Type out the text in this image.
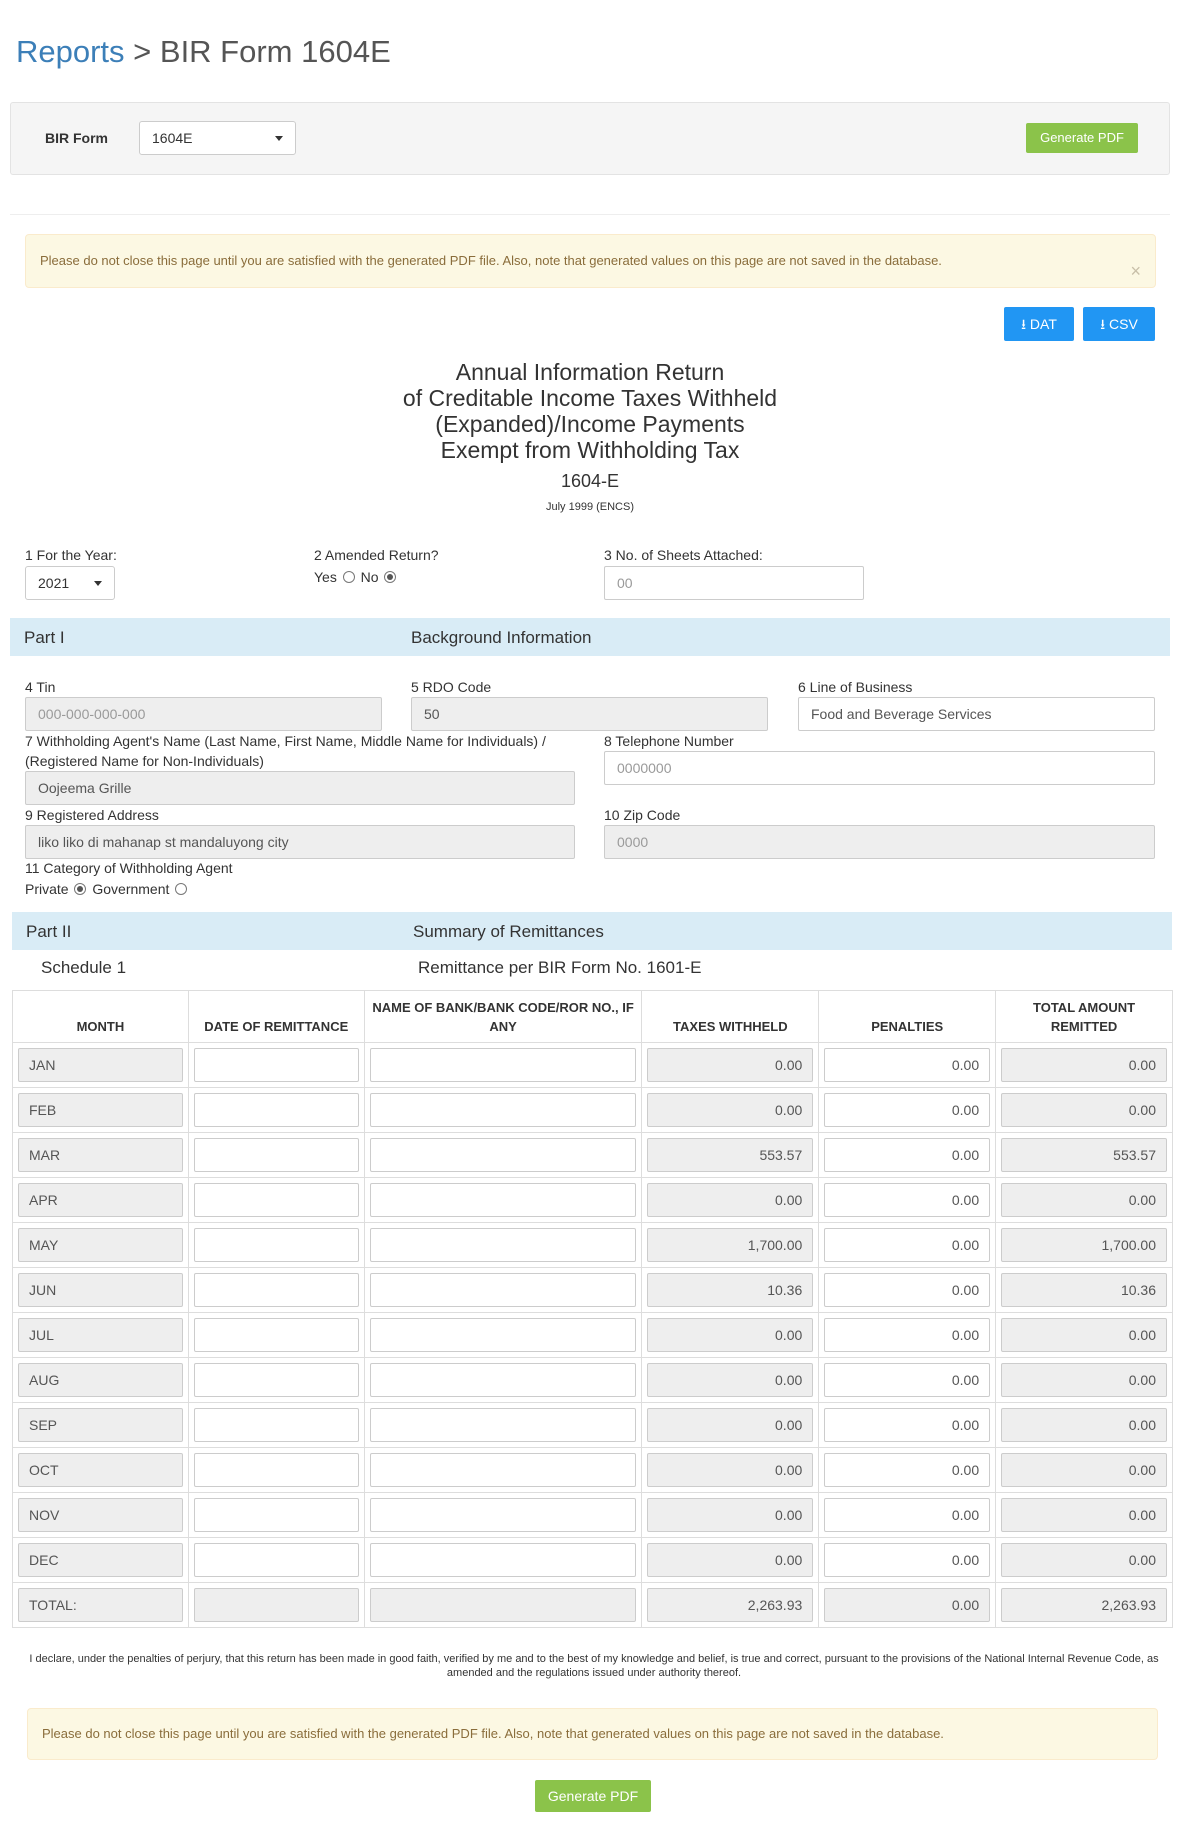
Reports > BIR Form 1604E
BIR Form	1604E	Generate PDF
Please do not close this page until you are satisfied with the generated PDF file. Also, note that generated values on this page are not saved in the database.
×
⭳ DAT	⭳ CSV
Annual Information Return
of Creditable Income Taxes Withheld
(Expanded)/Income Payments
Exempt from Withholding Tax
1604-E
July 1999 (ENCS)
1 For the Year:
2021
2 Amended Return?
Yes No
3 No. of Sheets Attached:
00
Part I	Background Information
4 Tin
000-000-000-000
5 RDO Code
50
6 Line of Business
Food and Beverage Services
7 Withholding Agent's Name (Last Name, First Name, Middle Name for Individuals) /
(Registered Name for Non-Individuals)
Oojeema Grille
8 Telephone Number
0000000
9 Registered Address
liko liko di mahanap st mandaluyong city
10 Zip Code
0000
11 Category of Withholding Agent
Private Government
Part II	Summary of Remittances
Schedule 1	Remittance per BIR Form No. 1601-E
MONTH	DATE OF REMITTANCE	NAME OF BANK/BANK CODE/ROR NO., IF ANY	TAXES WITHHELD	PENALTIES	TOTAL AMOUNT REMITTED

JAN			0.00	0.00	0.00

FEB			0.00	0.00	0.00

MAR			553.57	0.00	553.57

APR			0.00	0.00	0.00

MAY			1,700.00	0.00	1,700.00

JUN			10.36	0.00	10.36

JUL			0.00	0.00	0.00

AUG			0.00	0.00	0.00

SEP			0.00	0.00	0.00

OCT			0.00	0.00	0.00

NOV			0.00	0.00	0.00

DEC			0.00	0.00	0.00

TOTAL:			2,263.93	0.00	2,263.93
I declare, under the penalties of perjury, that this return has been made in good faith, verified by me and to the best of my knowledge and belief, is true and correct, pursuant to the provisions of the National Internal Revenue Code, as amended and the regulations issued under authority thereof.
Please do not close this page until you are satisfied with the generated PDF file. Also, note that generated values on this page are not saved in the database.
Generate PDF
